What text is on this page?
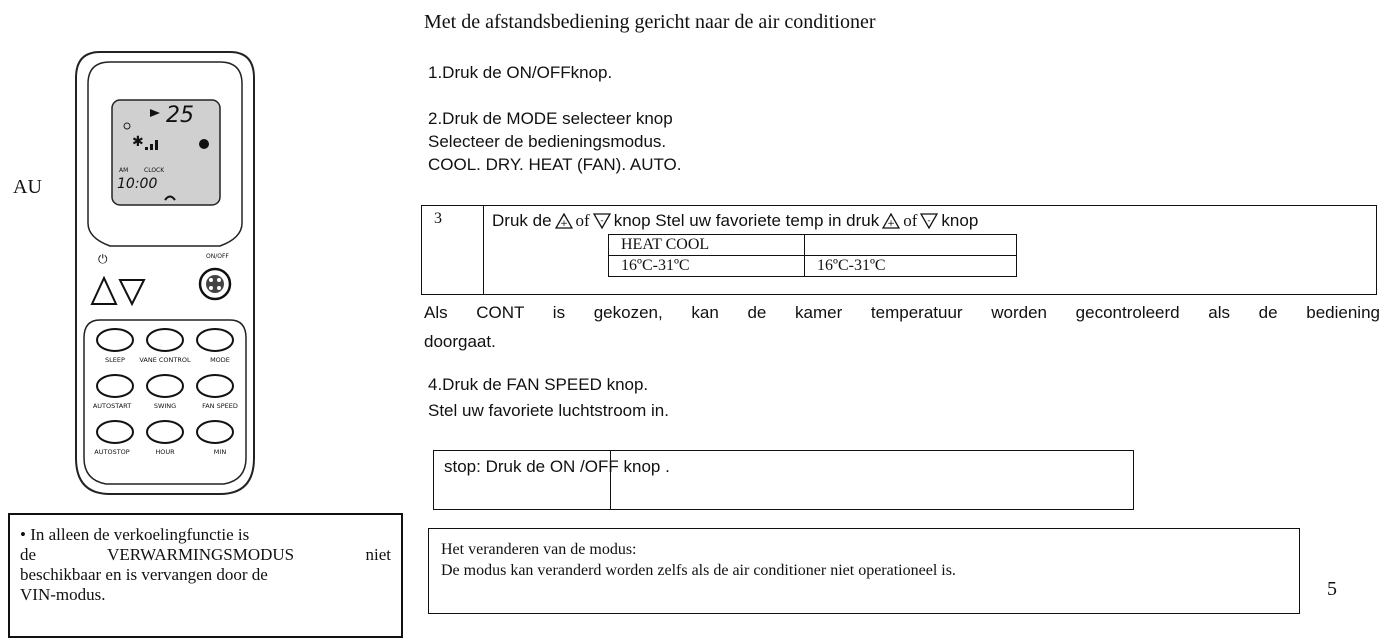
AU
25
✱
AM	CLOCK
10:00
⏻	ON/OFF
SLEEP VANE CONTROL	MODE
AUTOSTART	SWING	FAN SPEED
AUTOSTOP	HOUR	MIN
• In alleen de verkoelingfunctie is
de VERWARMINGSMODUS niet
beschikbaar en is vervangen door de
VIN-modus.
Met de afstandsbediening gericht naar de air conditioner
1.Druk de ON/OFFknop.
2.Druk de MODE selecteer knop
Selecteer de bedieningsmodus.
COOL. DRY. HEAT (FAN). AUTO.
3	Druk de + of - knop Stel uw favoriete temp in druk + of - knop
HEAT COOL	
16ºC-31ºC	16ºC-31ºC
Als CONT is gekozen, kan de kamer temperatuur worden gecontroleerd als de bediening
doorgaat.
4.Druk de FAN SPEED knop.
Stel uw favoriete luchtstroom in.
stop: Druk de ON /OFF knop .
Het veranderen van de modus:
De modus kan veranderd worden zelfs als de air conditioner niet operationeel is.
5
